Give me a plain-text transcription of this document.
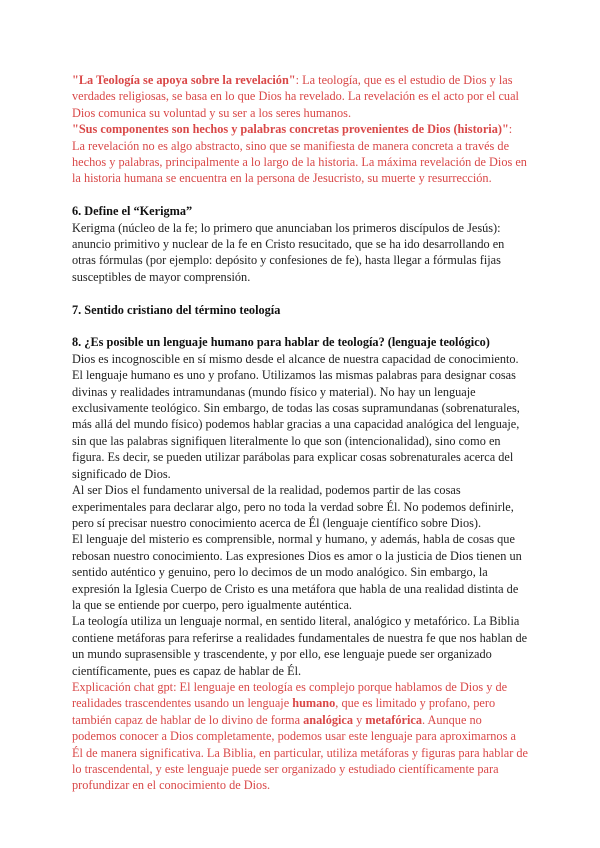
"La Teología se apoya sobre la revelación": La teología, que es el estudio de Dios y las verdades religiosas, se basa en lo que Dios ha revelado. La revelación es el acto por el cual Dios comunica su voluntad y su ser a los seres humanos.

"Sus componentes son hechos y palabras concretas provenientes de Dios (historia)": La revelación no es algo abstracto, sino que se manifiesta de manera concreta a través de hechos y palabras, principalmente a lo largo de la historia. La máxima revelación de Dios en la historia humana se encuentra en la persona de Jesucristo, su muerte y resurrección.

6. Define el “Kerigma”

Kerigma (núcleo de la fe; lo primero que anunciaban los primeros discípulos de Jesús): anuncio primitivo y nuclear de la fe en Cristo resucitado, que se ha ido desarrollando en otras fórmulas (por ejemplo: depósito y confesiones de fe), hasta llegar a fórmulas fijas susceptibles de mayor comprensión.

7. Sentido cristiano del término teología
8. ¿Es posible un lenguaje humano para hablar de teología? (lenguaje teológico)

Dios es incognoscible en sí mismo desde el alcance de nuestra capacidad de conocimiento. El lenguaje humano es uno y profano. Utilizamos las mismas palabras para designar cosas divinas y realidades intramundanas (mundo físico y material). No hay un lenguaje exclusivamente teológico. Sin embargo, de todas las cosas supramundanas (sobrenaturales, más allá del mundo físico) podemos hablar gracias a una capacidad analógica del lenguaje, sin que las palabras signifiquen literalmente lo que son (intencionalidad), sino como en figura. Es decir, se pueden utilizar parábolas para explicar cosas sobrenaturales acerca del significado de Dios.

Al ser Dios el fundamento universal de la realidad, podemos partir de las cosas experimentales para declarar algo, pero no toda la verdad sobre Él. No podemos definirle, pero sí precisar nuestro conocimiento acerca de Él (lenguaje científico sobre Dios).

El lenguaje del misterio es comprensible, normal y humano, y además, habla de cosas que rebosan nuestro conocimiento. Las expresiones Dios es amor o la justicia de Dios tienen un sentido auténtico y genuino, pero lo decimos de un modo analógico. Sin embargo, la expresión la Iglesia Cuerpo de Cristo es una metáfora que habla de una realidad distinta de la que se entiende por cuerpo, pero igualmente auténtica.

La teología utiliza un lenguaje normal, en sentido literal, analógico y metafórico. La Biblia contiene metáforas para referirse a realidades fundamentales de nuestra fe que nos hablan de un mundo suprasensible y trascendente, y por ello, ese lenguaje puede ser organizado científicamente, pues es capaz de hablar de Él.

Explicación chat gpt: El lenguaje en teología es complejo porque hablamos de Dios y de realidades trascendentes usando un lenguaje humano, que es limitado y profano, pero también capaz de hablar de lo divino de forma analógica y metafórica. Aunque no podemos conocer a Dios completamente, podemos usar este lenguaje para aproximarnos a Él de manera significativa. La Biblia, en particular, utiliza metáforas y figuras para hablar de lo trascendental, y este lenguaje puede ser organizado y estudiado científicamente para profundizar en el conocimiento de Dios.
